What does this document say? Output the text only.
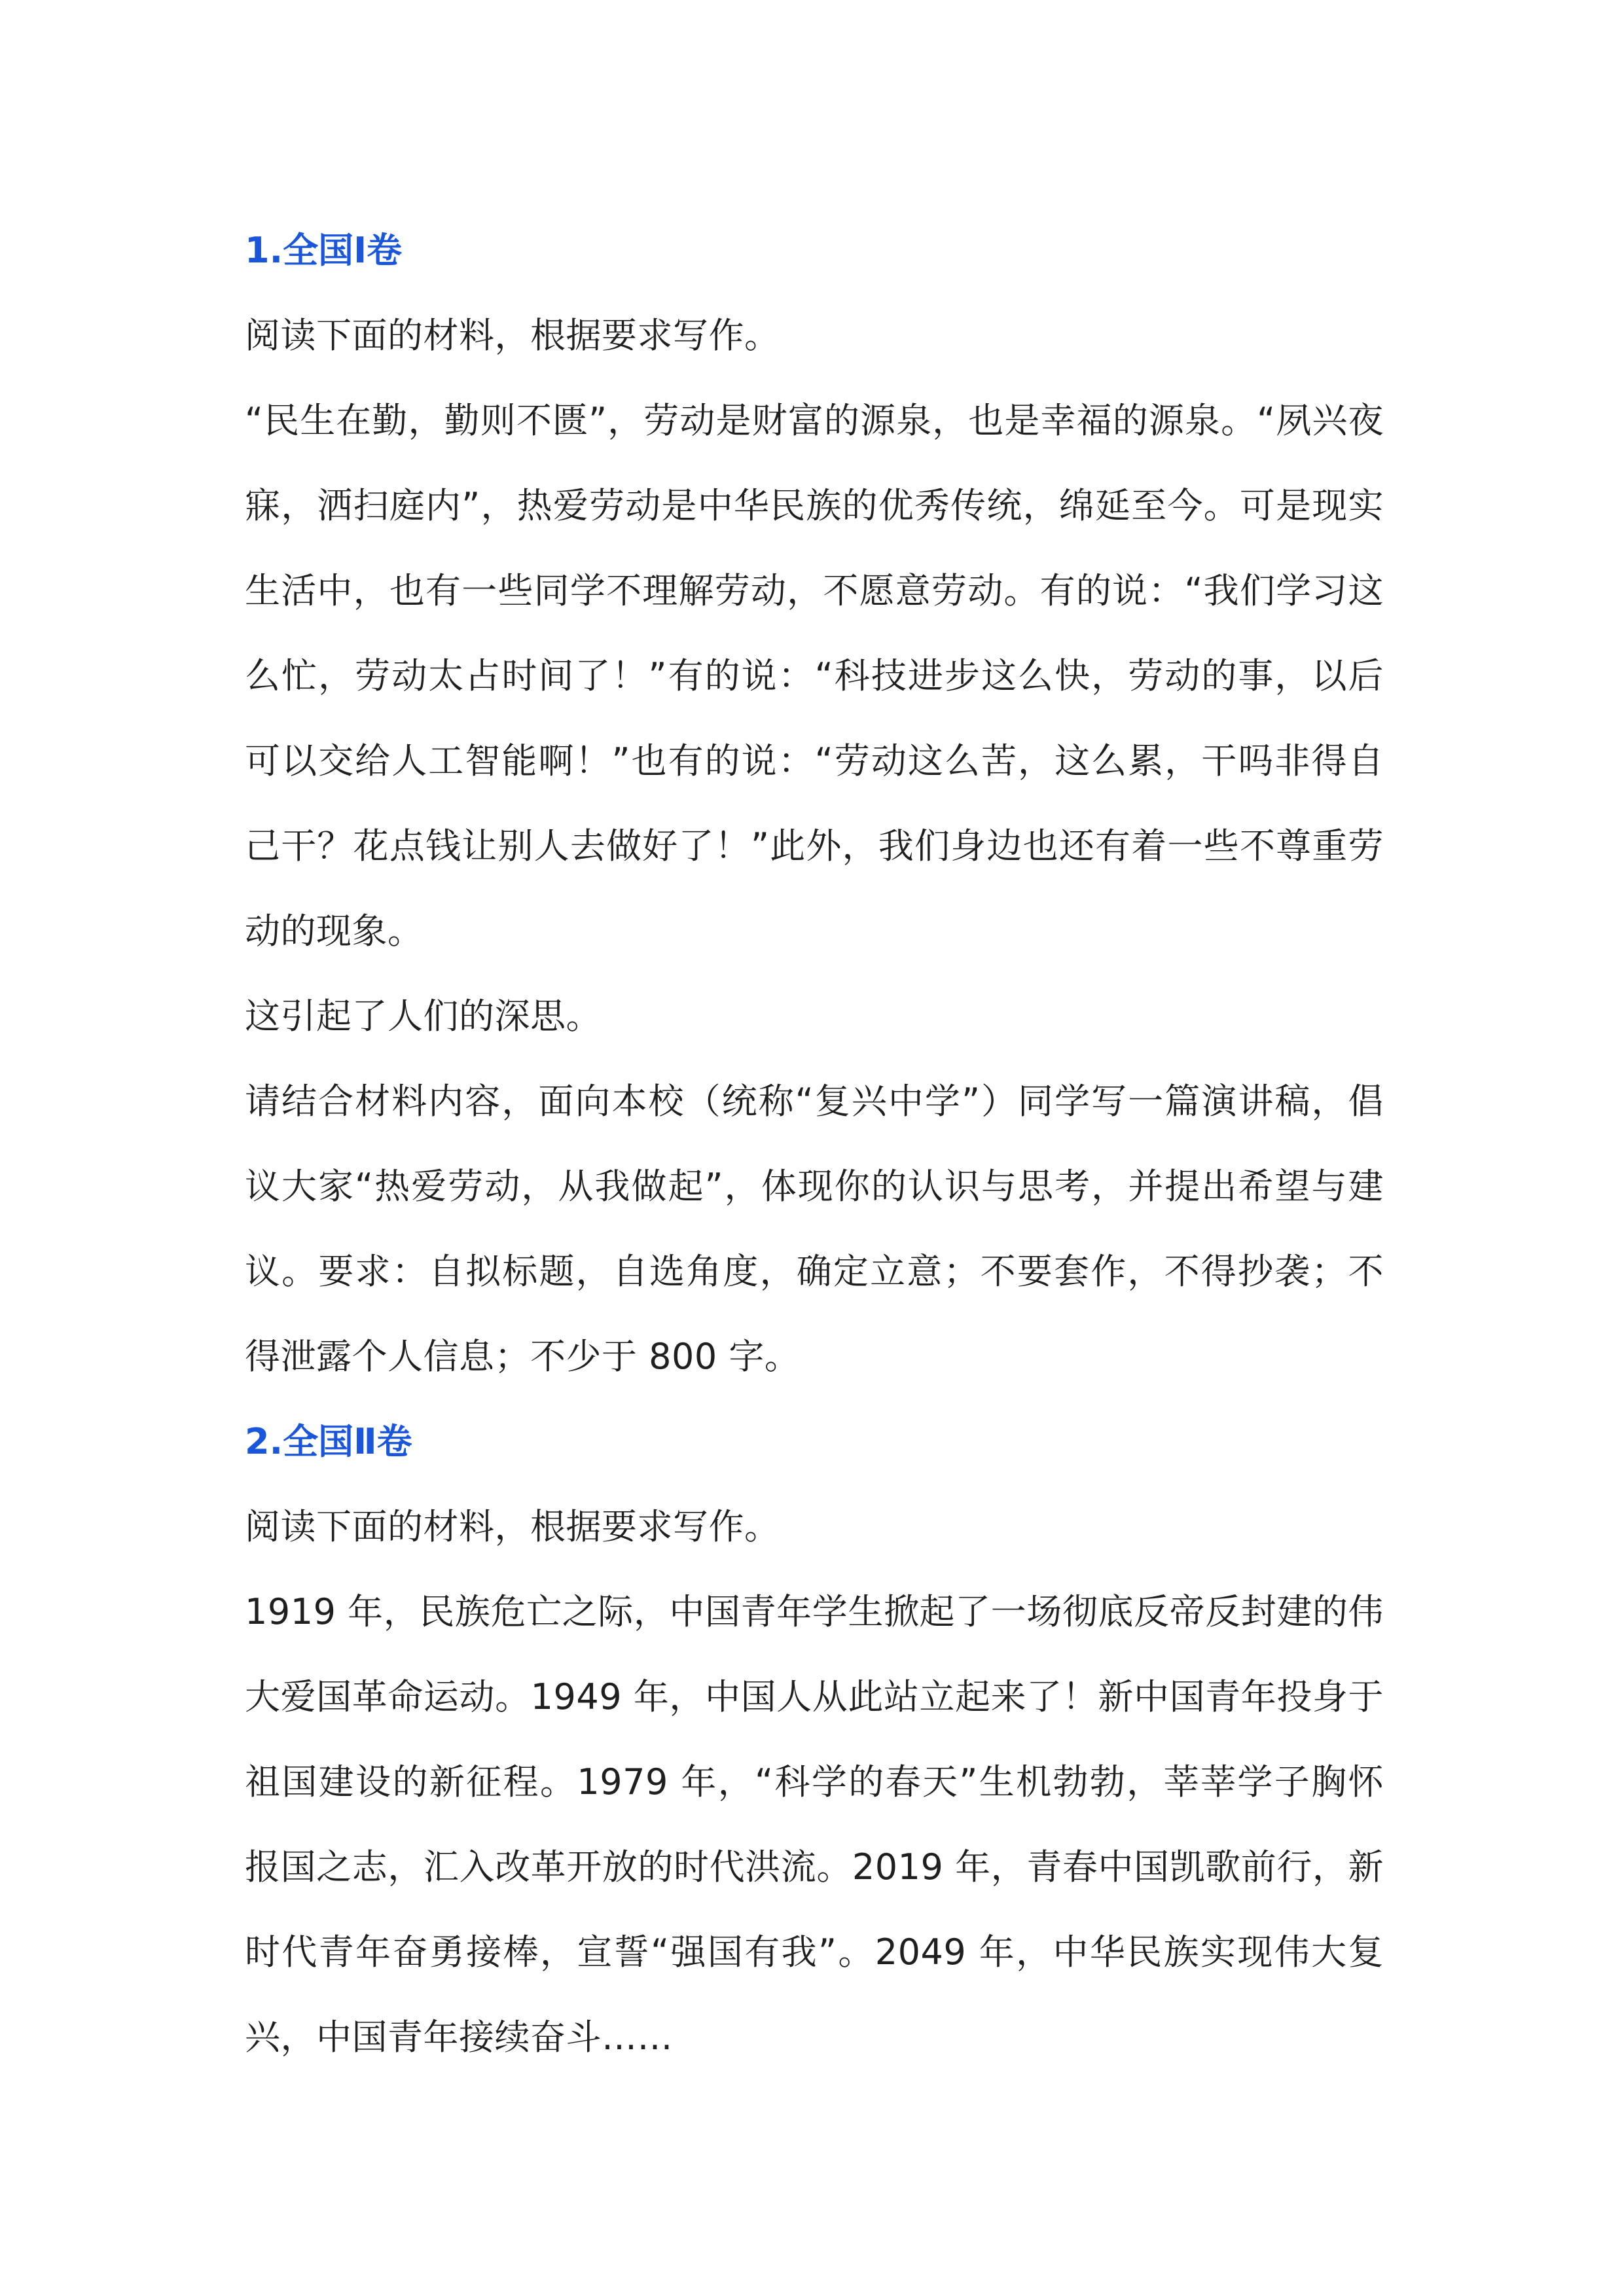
1.全国Ⅰ卷

阅读下面的材料，根据要求写作。

“民生在勤，勤则不匮”，劳动是财富的源泉，也是幸福的源泉。“夙兴夜寐，洒扫庭内”，热爱劳动是中华民族的优秀传统，绵延至今。可是现实生活中，也有一些同学不理解劳动，不愿意劳动。有的说：“我们学习这么忙，劳动太占时间了！”有的说：“科技进步这么快，劳动的事，以后可以交给人工智能啊！”也有的说：“劳动这么苦，这么累，干吗非得自己干？花点钱让别人去做好了！”此外，我们身边也还有着一些不尊重劳动的现象。

这引起了人们的深思。

请结合材料内容，面向本校（统称“复兴中学”）同学写一篇演讲稿，倡议大家“热爱劳动，从我做起”，体现你的认识与思考，并提出希望与建议。要求：自拟标题，自选角度，确定立意；不要套作，不得抄袭；不得泄露个人信息；不少于 800 字。

2.全国Ⅱ卷

阅读下面的材料，根据要求写作。

1919 年，民族危亡之际，中国青年学生掀起了一场彻底反帝反封建的伟大爱国革命运动。1949 年，中国人从此站立起来了！新中国青年投身于祖国建设的新征程。1979 年，“科学的春天”生机勃勃，莘莘学子胸怀报国之志，汇入改革开放的时代洪流。2019 年，青春中国凯歌前行，新时代青年奋勇接棒，宣誓“强国有我”。2049 年，中华民族实现伟大复兴，中国青年接续奋斗……
